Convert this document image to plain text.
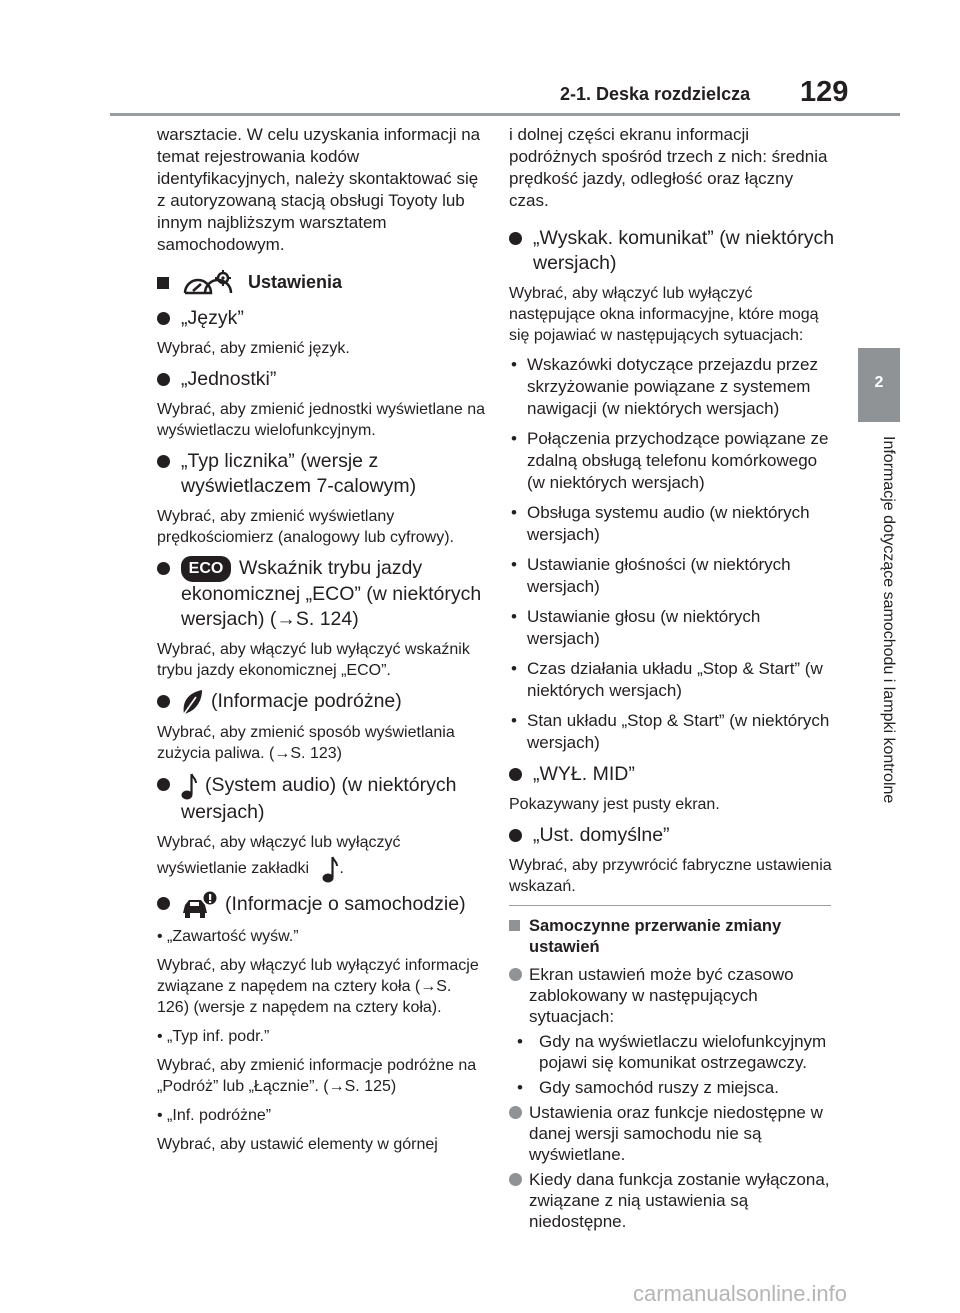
2-1. Deska rozdzielcza 129
2
Informacje dotyczące samochodu i lampki kontrolne

warsztacie. W celu uzyskania informacji na temat rejestrowania kodów identyfikacyjnych, należy skontaktować się z autoryzowaną stacją obsługi Toyoty lub innym najbliższym warsztatem samochodowym.

Ustawienia
„Język”

Wybrać, aby zmienić język.

„Jednostki”

Wybrać, aby zmienić jednostki wyświetlane na wyświetlaczu wielofunkcyjnym.

„Typ licznika” (wersje z wyświetlaczem 7-calowym)

Wybrać, aby zmienić wyświetlany prędkościomierz (analogowy lub cyfrowy).

ECO Wskaźnik trybu jazdy ekonomicznej „ECO” (w niektórych wersjach) (→S. 124)

Wybrać, aby włączyć lub wyłączyć wskaźnik trybu jazdy ekonomicznej „ECO”.

(Informacje podróżne)

Wybrać, aby zmienić sposób wyświetlania zużycia paliwa. (→S. 123)

(System audio) (w niektórych wersjach)

Wybrać, aby włączyć lub wyłączyć

wyświetlanie zakładki .

(Informacje o samochodzie)

• „Zawartość wyśw.”

Wybrać, aby włączyć lub wyłączyć informacje związane z napędem na cztery koła (→S. 126) (wersje z napędem na cztery koła).

• „Typ inf. podr.”

Wybrać, aby zmienić informacje podróżne na „Podróż” lub „Łącznie”. (→S. 125)

• „Inf. podróżne”

Wybrać, aby ustawić elementy w górnej

i dolnej części ekranu informacji podróżnych spośród trzech z nich: średnia prędkość jazdy, odległość oraz łączny czas.

„Wyskak. komunikat” (w niektórych wersjach)

Wybrać, aby włączyć lub wyłączyć następujące okna informacyjne, które mogą się pojawiać w następujących sytuacjach:

• Wskazówki dotyczące przejazdu przez skrzyżowanie powiązane z systemem nawigacji (w niektórych wersjach)

• Połączenia przychodzące powiązane ze zdalną obsługą telefonu komórkowego (w niektórych wersjach)

• Obsługa systemu audio (w niektórych wersjach)

• Ustawianie głośności (w niektórych wersjach)

• Ustawianie głosu (w niektórych wersjach)

• Czas działania układu „Stop & Start” (w niektórych wersjach)

• Stan układu „Stop & Start” (w niektórych wersjach)

„WYŁ. MID”

Pokazywany jest pusty ekran.

„Ust. domyślne”

Wybrać, aby przywrócić fabryczne ustawienia wskazań.

Samoczynne przerwanie zmiany ustawień
Ekran ustawień może być czasowo zablokowany w następujących sytuacjach:

• Gdy na wyświetlaczu wielofunkcyjnym pojawi się komunikat ostrzegawczy.

• Gdy samochód ruszy z miejsca.

Ustawienia oraz funkcje niedostępne w danej wersji samochodu nie są wyświetlane.
Kiedy dana funkcja zostanie wyłączona, związane z nią ustawienia są niedostępne.
carmanualsonline.info
